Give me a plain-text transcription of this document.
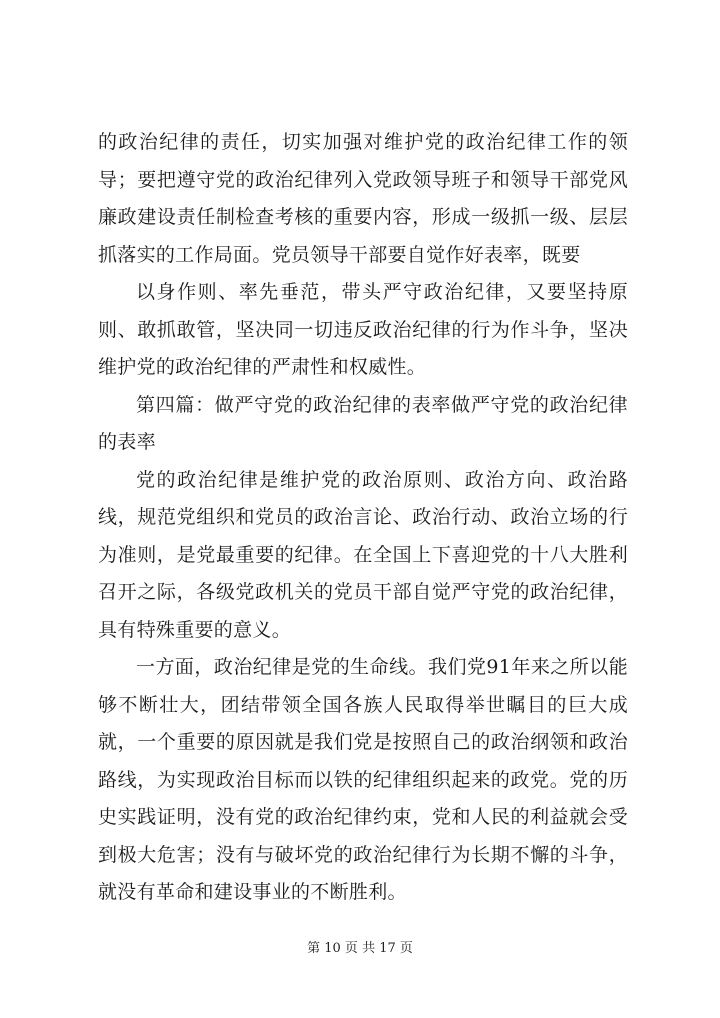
的政治纪律的责任，切实加强对维护党的政治纪律工作的领导；要把遵守党的政治纪律列入党政领导班子和领导干部党风廉政建设责任制检查考核的重要内容，形成一级抓一级、层层抓落实的工作局面。党员领导干部要自觉作好表率，既要

以身作则、率先垂范，带头严守政治纪律，又要坚持原则、敢抓敢管，坚决同一切违反政治纪律的行为作斗争，坚决维护党的政治纪律的严肃性和权威性。

第四篇：做严守党的政治纪律的表率做严守党的政治纪律的表率

党的政治纪律是维护党的政治原则、政治方向、政治路线，规范党组织和党员的政治言论、政治行动、政治立场的行为准则，是党最重要的纪律。在全国上下喜迎党的十八大胜利召开之际，各级党政机关的党员干部自觉严守党的政治纪律，具有特殊重要的意义。

一方面，政治纪律是党的生命线。我们党91年来之所以能够不断壮大，团结带领全国各族人民取得举世瞩目的巨大成就，一个重要的原因就是我们党是按照自己的政治纲领和政治路线，为实现政治目标而以铁的纪律组织起来的政党。党的历史实践证明，没有党的政治纪律约束，党和人民的利益就会受到极大危害；没有与破坏党的政治纪律行为长期不懈的斗争，就没有革命和建设事业的不断胜利。

第 10 页 共 17 页
